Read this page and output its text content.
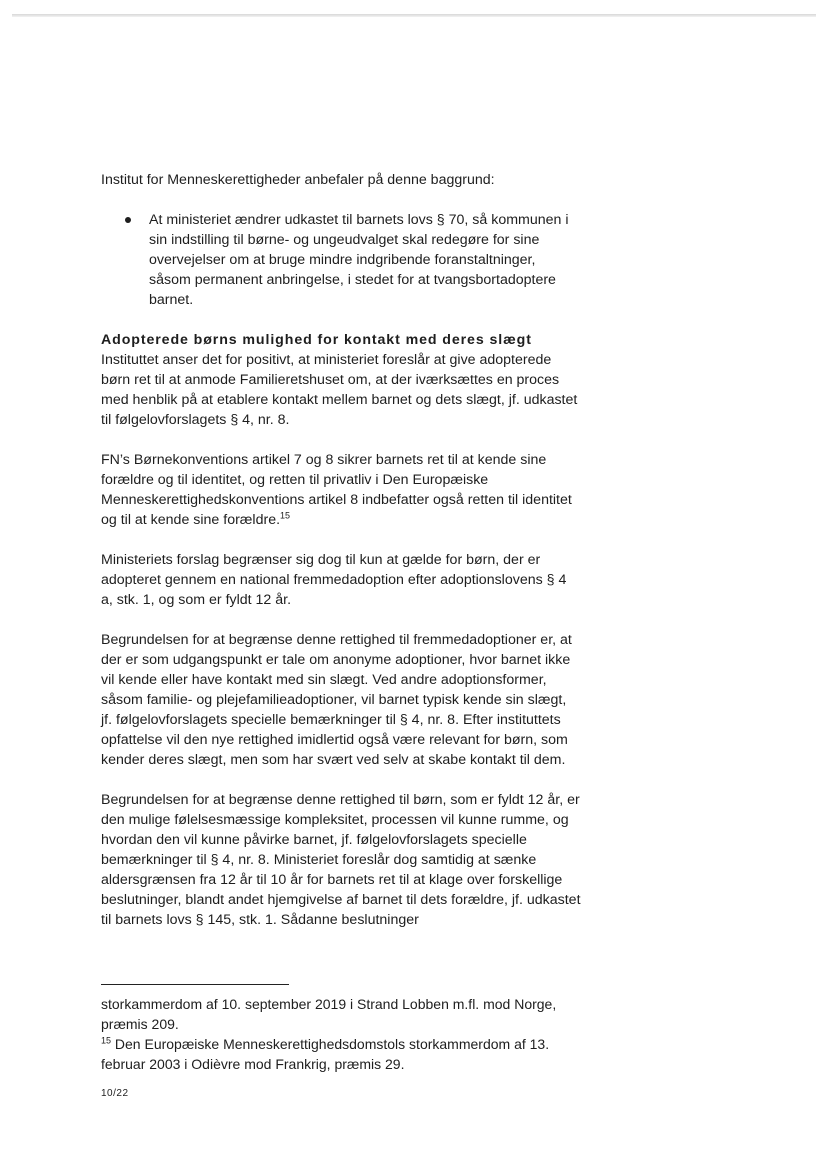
Institut for Menneskerettigheder anbefaler på denne baggrund:

At ministeriet ændrer udkastet til barnets lovs § 70, så kommunen i sin indstilling til børne- og ungeudvalget skal redegøre for sine overvejelser om at bruge mindre indgribende foranstaltninger, såsom permanent anbringelse, i stedet for at tvangsbortadoptere barnet.
Adopterede børns mulighed for kontakt med deres slægt

Instituttet anser det for positivt, at ministeriet foreslår at give adopterede børn ret til at anmode Familieretshuset om, at der iværksættes en proces med henblik på at etablere kontakt mellem barnet og dets slægt, jf. udkastet til følgelovforslagets § 4, nr. 8.

FN’s Børnekonventions artikel 7 og 8 sikrer barnets ret til at kende sine forældre og til identitet, og retten til privatliv i Den Europæiske Menneskerettighedskonventions artikel 8 indbefatter også retten til identitet og til at kende sine forældre.$^{15}$

Ministeriets forslag begrænser sig dog til kun at gælde for børn, der er adopteret gennem en national fremmedadoption efter adoptionslovens § 4 a, stk. 1, og som er fyldt 12 år.

Begrundelsen for at begrænse denne rettighed til fremmedadoptioner er, at der er som udgangspunkt er tale om anonyme adoptioner, hvor barnet ikke vil kende eller have kontakt med sin slægt. Ved andre adoptionsformer, såsom familie- og plejefamilieadoptioner, vil barnet typisk kende sin slægt, jf. følgelovforslagets specielle bemærkninger til § 4, nr. 8. Efter instituttets opfattelse vil den nye rettighed imidlertid også være relevant for børn, som kender deres slægt, men som har svært ved selv at skabe kontakt til dem.

Begrundelsen for at begrænse denne rettighed til børn, som er fyldt 12 år, er den mulige følelsesmæssige kompleksitet, processen vil kunne rumme, og hvordan den vil kunne påvirke barnet, jf. følgelovforslagets specielle bemærkninger til § 4, nr. 8. Ministeriet foreslår dog samtidig at sænke aldersgrænsen fra 12 år til 10 år for barnets ret til at klage over forskellige beslutninger, blandt andet hjemgivelse af barnet til dets forældre, jf. udkastet til barnets lovs § 145, stk. 1. Sådanne beslutninger

storkammerdom af 10. september 2019 i Strand Lobben m.fl. mod Norge, præmis 209.

$^{15}$ Den Europæiske Menneskerettighedsdomstols storkammerdom af 13. februar 2003 i Odièvre mod Frankrig, præmis 29.

10/22
